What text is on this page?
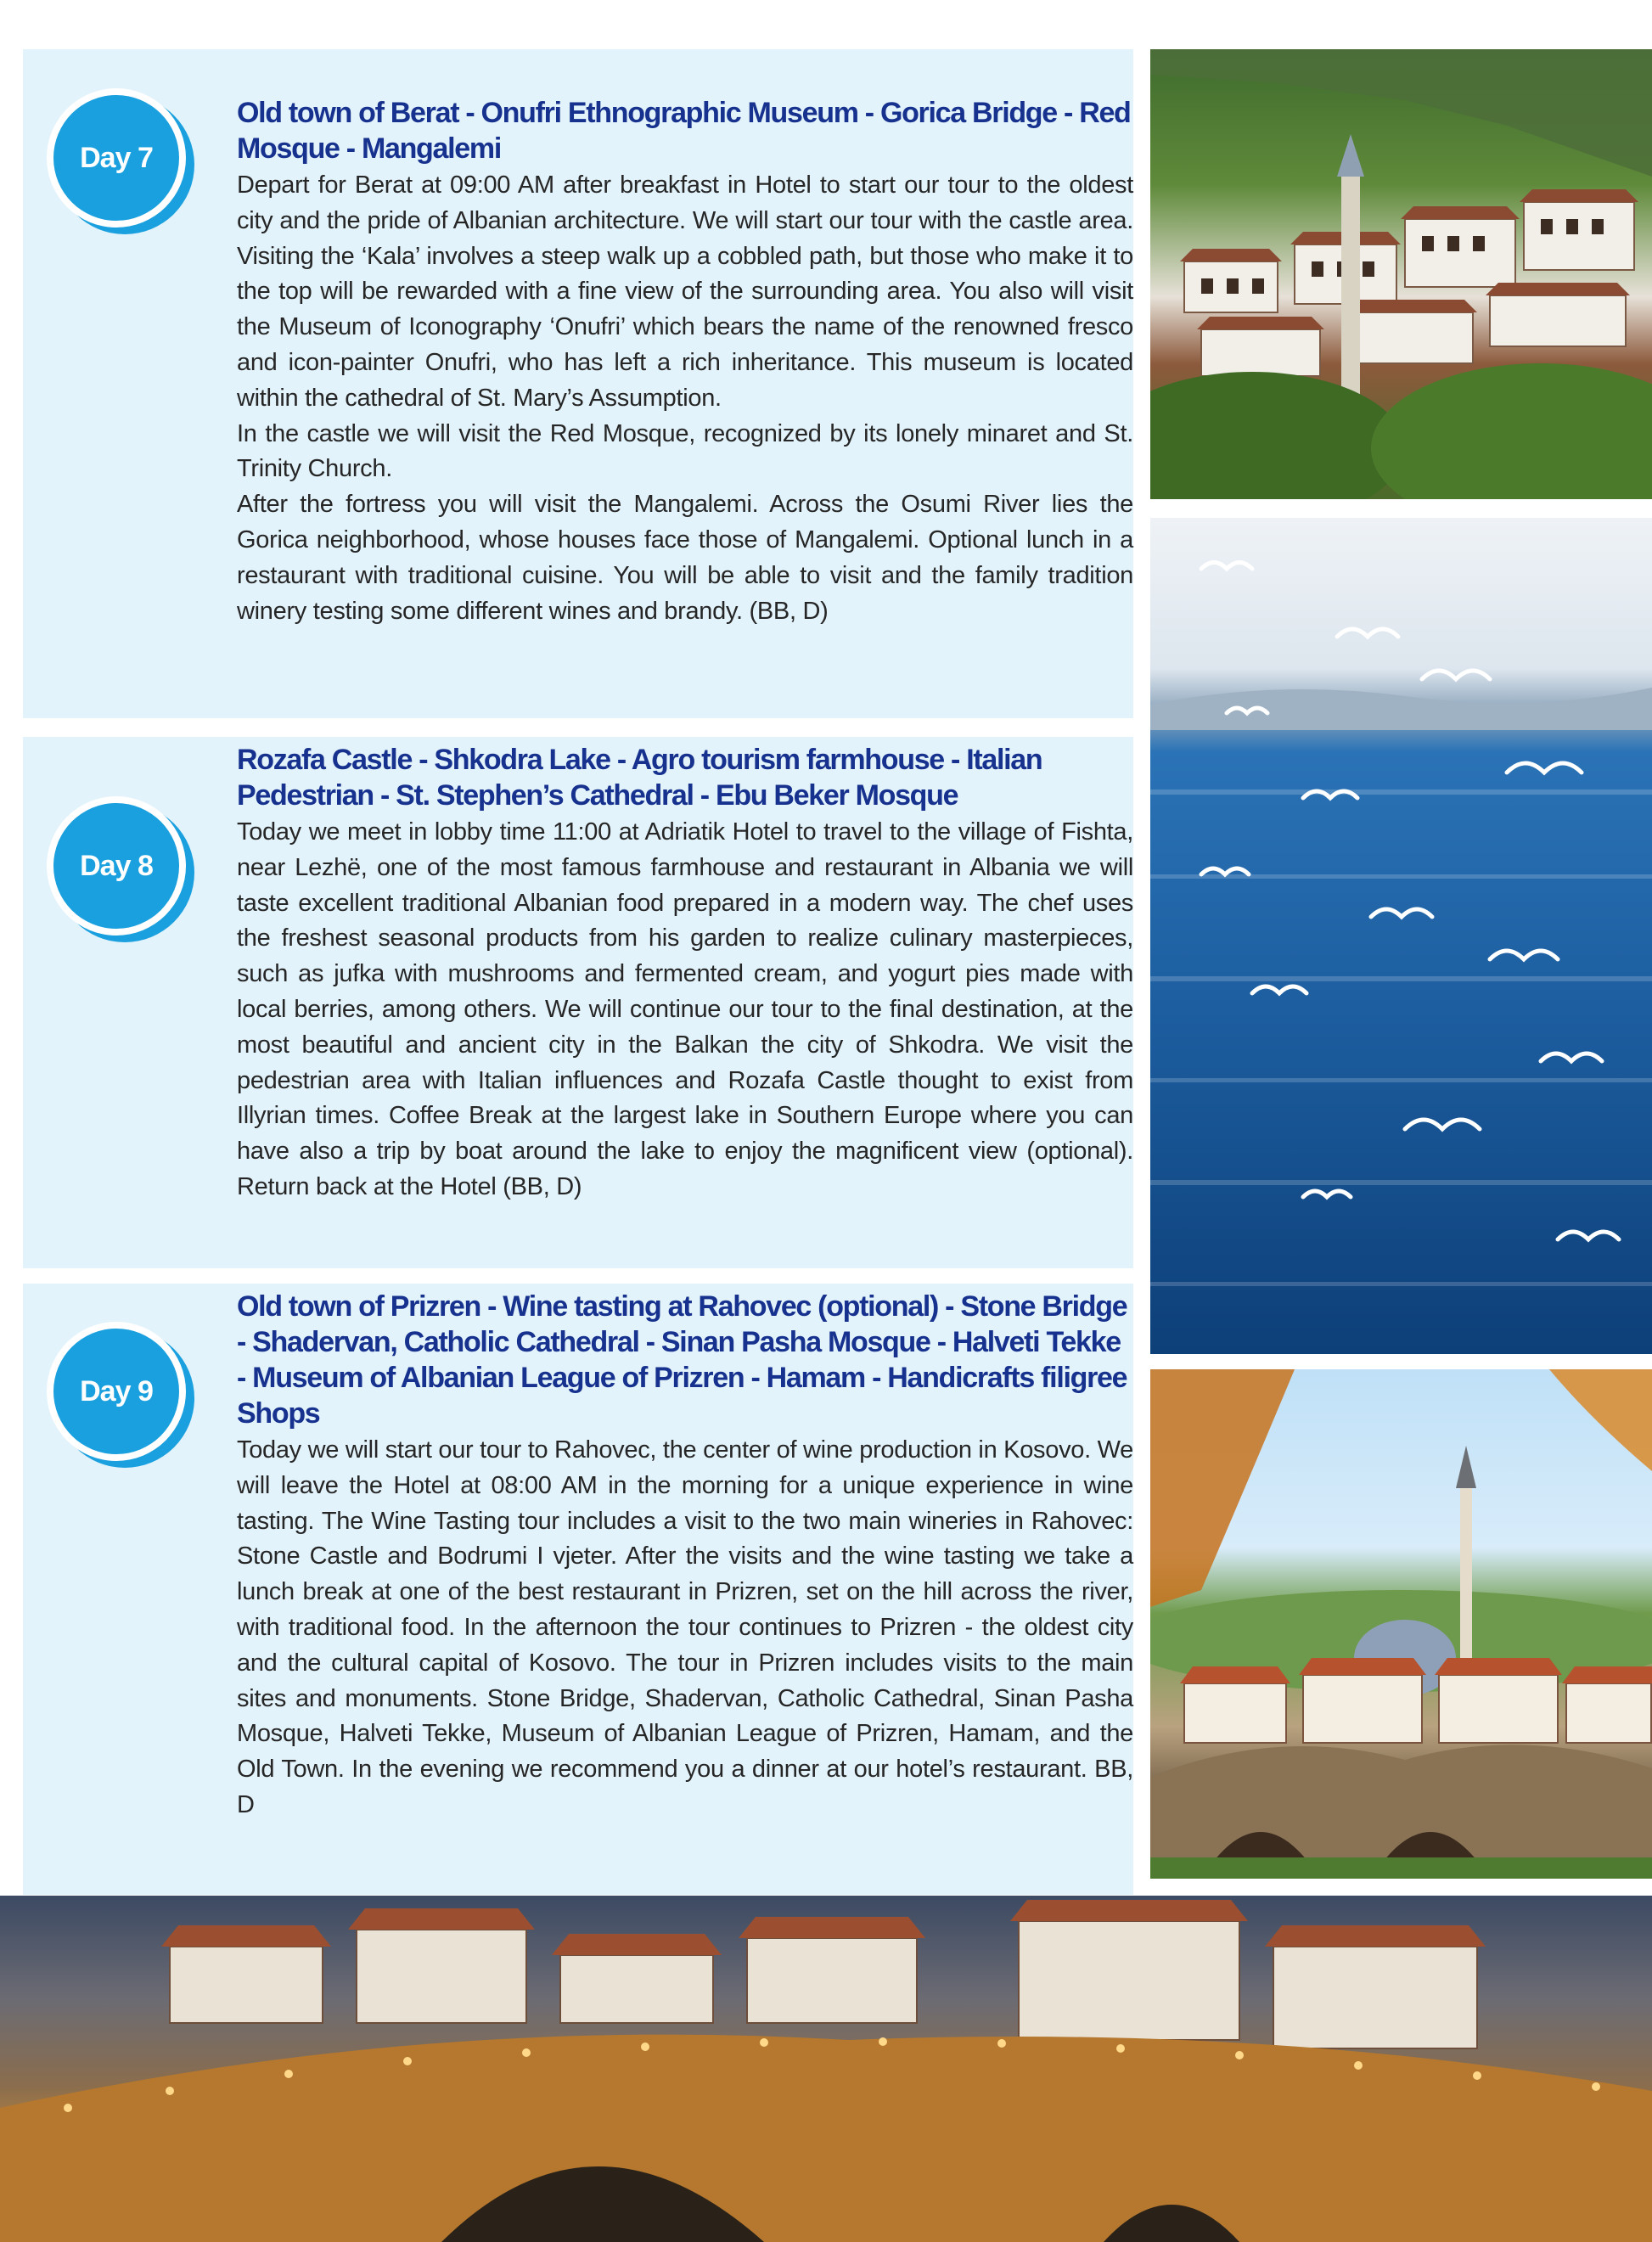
Day 7
Old town of Berat - Onufri Ethnographic Museum - Gorica Bridge - Red Mosque - Mangalemi

Depart for Berat at 09:00 AM after breakfast in Hotel to start our tour to the oldest city and the pride of Albanian architecture. We will start our tour with the castle area. Visiting the ‘Kala’ involves a steep walk up a cobbled path, but those who make it to the top will be rewarded with a fine view of the surrounding area. You also will visit the Museum of Iconography ‘Onufri’ which bears the name of the renowned fresco and icon-painter Onufri, who has left a rich inheritance. This museum is located within the cathedral of St. Mary’s Assumption.

In the castle we will visit the Red Mosque, recognized by its lonely minaret and St. Trinity Church.

After the fortress you will visit the Mangalemi. Across the Osumi River lies the Gorica neighborhood, whose houses face those of Mangalemi. Optional lunch in a restaurant with traditional cuisine. You will be able to visit and the family tradition winery testing some different wines and brandy. (BB, D)

Day 8
Rozafa Castle - Shkodra Lake - Agro tourism farmhouse - Italian Pedestrian - St. Stephen’s Cathedral - Ebu Beker Mosque

Today we meet in lobby time 11:00 at Adriatik Hotel to travel to the village of Fishta, near Lezhë, one of the most famous farmhouse and restaurant in Albania we will taste excellent traditional Albanian food prepared in a modern way. The chef uses the freshest seasonal products from his garden to realize culinary masterpieces, such as jufka with mushrooms and fermented cream, and yogurt pies made with local berries, among others. We will continue our tour to the final destination, at the most beautiful and ancient city in the Balkan the city of Shkodra. We visit the pedestrian area with Italian influences and Rozafa Castle thought to exist from Illyrian times. Coffee Break at the largest lake in Southern Europe where you can have also a trip by boat around the lake to enjoy the magnificent view (optional). Return back at the Hotel (BB, D)

Day 9
Old town of Prizren - Wine tasting at Rahovec (optional) - Stone Bridge - Shadervan, Catholic Cathedral - Sinan Pasha Mosque - Halveti Tekke - Museum of Albanian League of Prizren - Hamam - Handicrafts filigree Shops

Today we will start our tour to Rahovec, the center of wine production in Kosovo. We will leave the Hotel at 08:00 AM in the morning for a unique experience in wine tasting. The Wine Tasting tour includes a visit to the two main wineries in Rahovec: Stone Castle and Bodrumi I vjeter. After the visits and the wine tasting we take a lunch break at one of the best restaurant in Prizren, set on the hill across the river, with traditional food. In the afternoon the tour continues to Prizren - the oldest city and the cultural capital of Kosovo. The tour in Prizren includes visits to the main sites and monuments. Stone Bridge, Shadervan, Catholic Cathedral, Sinan Pasha Mosque, Halveti Tekke, Museum of Albanian League of Prizren, Hamam, and the Old Town. In the evening we recommend you a dinner at our hotel’s restaurant. BB, D
